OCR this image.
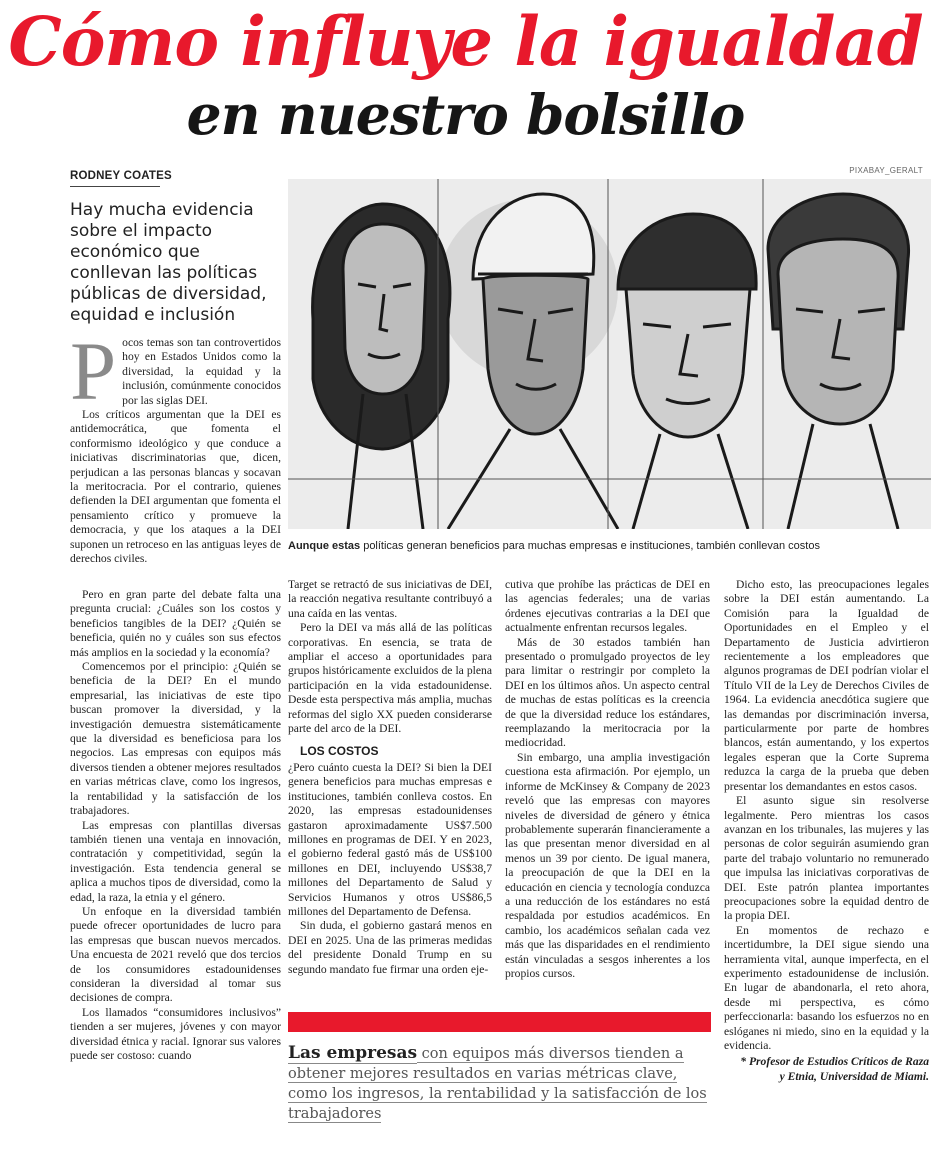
Cómo influye la igualdad
en nuestro bolsillo
RODNEY COATES	PIXABAY_GERALT
Hay mucha evidencia sobre el impacto económico que conllevan las políticas públicas de diversidad, equidad e inclusión
Aunque estas políticas generan beneficios para muchas empresas e instituciones, también conllevan costos
P ocos temas son tan controvertidos hoy en Estados Unidos como la diversidad, la equidad y la inclusión, comúnmente conocidos por las siglas DEI.

Los críticos argumentan que la DEI es antidemocrática, que fomenta el conformismo ideológico y que conduce a iniciativas discriminatorias que, dicen, perjudican a las personas blancas y socavan la meritocracia. Por el contrario, quienes defienden la DEI argumentan que fomenta el pensamiento crítico y promueve la democracia, y que los ataques a la DEI suponen un retroceso en las antiguas leyes de derechos civiles.

Pero en gran parte del debate falta una pregunta crucial: ¿Cuáles son los costos y beneficios tangibles de la DEI? ¿Quién se beneficia, quién no y cuáles son sus efectos más amplios en la sociedad y la economía?

Comencemos por el principio: ¿Quién se beneficia de la DEI? En el mundo empresarial, las iniciativas de este tipo buscan promover la diversidad, y la investigación demuestra sistemáticamente que la diversidad es beneficiosa para los negocios. Las empresas con equipos más diversos tienden a obtener mejores resultados en varias métricas clave, como los ingresos, la rentabilidad y la satisfacción de los trabajadores.

Las empresas con plantillas diversas también tienen una ventaja en innovación, contratación y competitividad, según la investigación. Esta tendencia general se aplica a muchos tipos de diversidad, como la edad, la raza, la etnia y el género.

Un enfoque en la diversidad también puede ofrecer oportunidades de lucro para las empresas que buscan nuevos mercados. Una encuesta de 2021 reveló que dos tercios de los consumidores estadounidenses consideran la diversidad al tomar sus decisiones de compra.

Los llamados “consumidores inclusivos” tienden a ser mujeres, jóvenes y con mayor diversidad étnica y racial. Ignorar sus valores puede ser costoso: cuando

Target se retractó de sus iniciativas de DEI, la reacción negativa resultante contribuyó a una caída en las ventas.

Pero la DEI va más allá de las políticas corporativas. En esencia, se trata de ampliar el acceso a oportunidades para grupos históricamente excluidos de la plena participación en la vida estadounidense. Desde esta perspectiva más amplia, muchas reformas del siglo XX pueden considerarse parte del arco de la DEI.

LOS COSTOS

¿Pero cuánto cuesta la DEI? Si bien la DEI genera beneficios para muchas empresas e instituciones, también conlleva costos. En 2020, las empresas estadounidenses gastaron aproximadamente US$7.500 millones en programas de DEI. Y en 2023, el gobierno federal gastó más de US$100 millones en DEI, incluyendo US$38,7 millones del Departamento de Salud y Servicios Humanos y otros US$86,5 millones del Departamento de Defensa.

Sin duda, el gobierno gastará menos en DEI en 2025. Una de las primeras medidas del presidente Donald Trump en su segundo mandato fue firmar una orden eje-

cutiva que prohíbe las prácticas de DEI en las agencias federales; una de varias órdenes ejecutivas contrarias a la DEI que actualmente enfrentan recursos legales.

Más de 30 estados también han presentado o promulgado proyectos de ley para limitar o restringir por completo la DEI en los últimos años. Un aspecto central de muchas de estas políticas es la creencia de que la diversidad reduce los estándares, reemplazando la meritocracia por la mediocridad.

Sin embargo, una amplia investigación cuestiona esta afirmación. Por ejemplo, un informe de McKinsey & Company de 2023 reveló que las empresas con mayores niveles de diversidad de género y étnica probablemente superarán financieramente a las que presentan menor diversidad en al menos un 39 por ciento. De igual manera, la preocupación de que la DEI en la educación en ciencia y tecnología conduzca a una reducción de los estándares no está respaldada por estudios académicos. En cambio, los académicos señalan cada vez más que las disparidades en el rendimiento están vinculadas a sesgos inherentes a los propios cursos.

Dicho esto, las preocupaciones legales sobre la DEI están aumentando. La Comisión para la Igualdad de Oportunidades en el Empleo y el Departamento de Justicia advirtieron recientemente a los empleadores que algunos programas de DEI podrían violar el Título VII de la Ley de Derechos Civiles de 1964. La evidencia anecdótica sugiere que las demandas por discriminación inversa, particularmente por parte de hombres blancos, están aumentando, y los expertos legales esperan que la Corte Suprema reduzca la carga de la prueba que deben presentar los demandantes en estos casos.

El asunto sigue sin resolverse legalmente. Pero mientras los casos avanzan en los tribunales, las mujeres y las personas de color seguirán asumiendo gran parte del trabajo voluntario no remunerado que impulsa las iniciativas corporativas de DEI. Este patrón plantea importantes preocupaciones sobre la equidad dentro de la propia DEI.

En momentos de rechazo e incertidumbre, la DEI sigue siendo una herramienta vital, aunque imperfecta, en el experimento estadounidense de inclusión. En lugar de abandonarla, el reto ahora, desde mi perspectiva, es cómo perfeccionarla: basando los esfuerzos no en eslóganes ni miedo, sino en la equidad y la evidencia.

* Profesor de Estudios Críticos de Raza y Etnia, Universidad de Miami.

Las empresas con equipos más diversos tienden a obtener mejores resultados en varias métricas clave, como los ingresos, la rentabilidad y la satisfacción de los trabajadores
